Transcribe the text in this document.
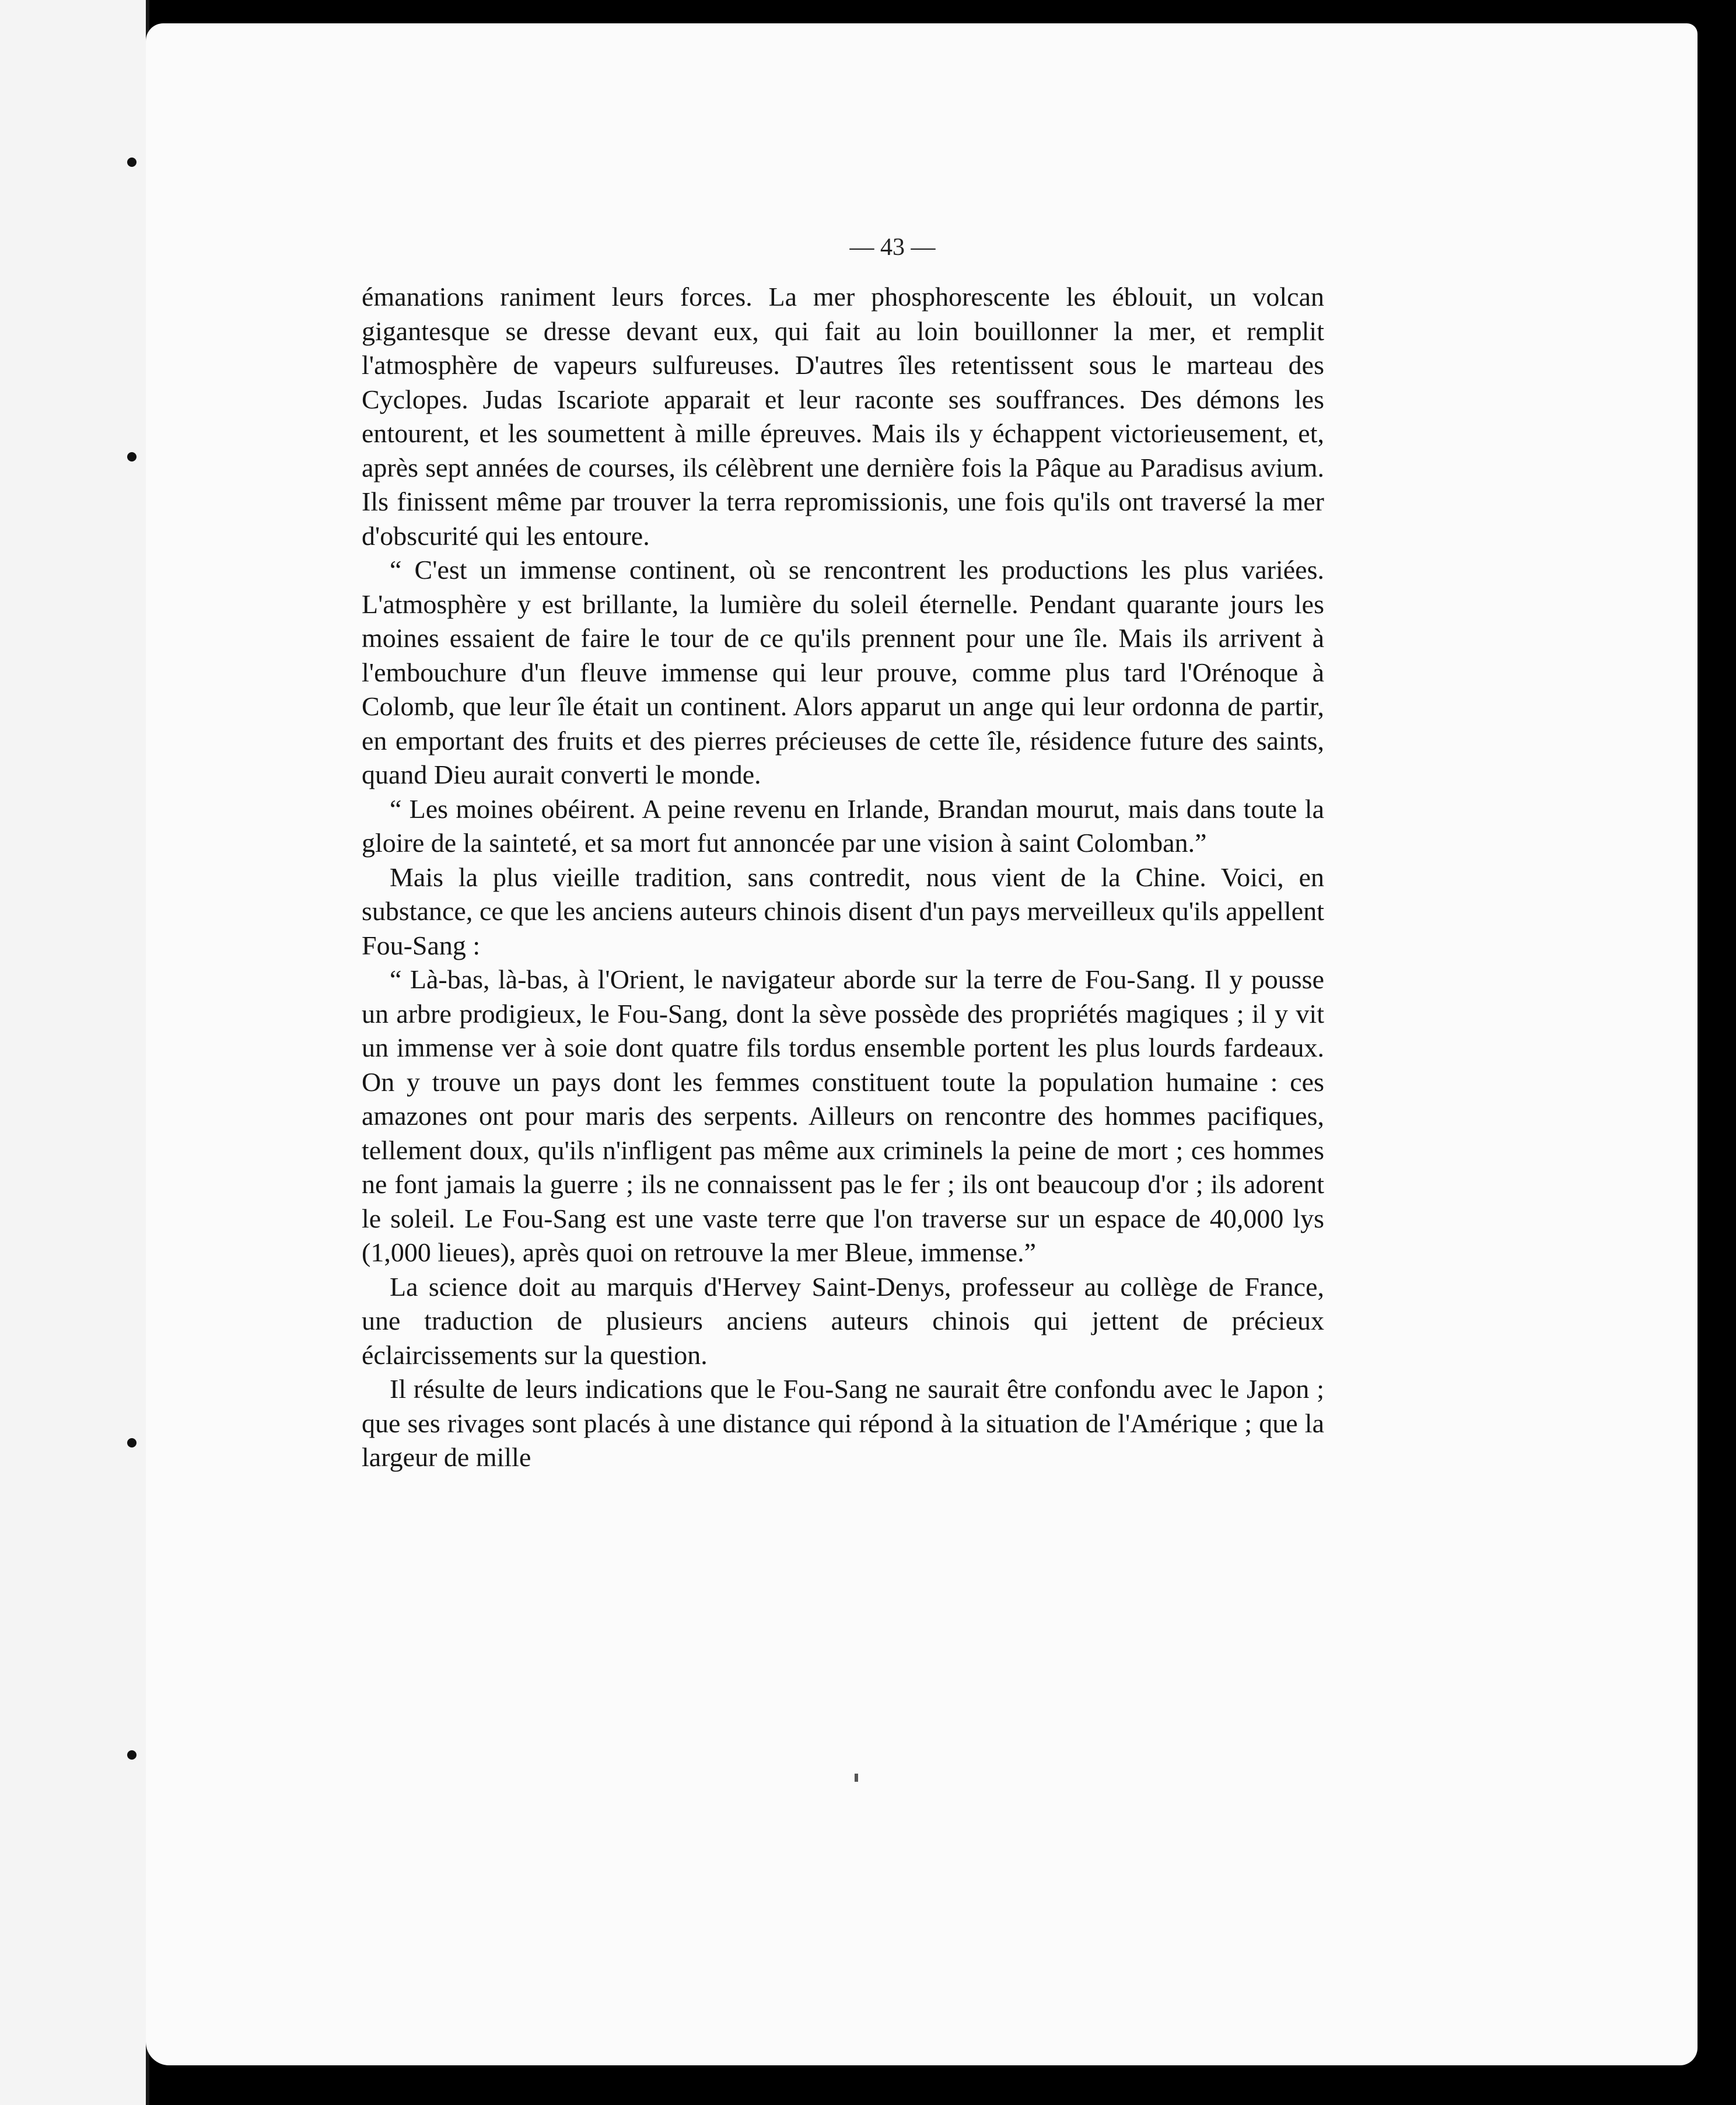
— 43 —

émanations raniment leurs forces. La mer phosphorescente les éblouit, un volcan gigantesque se dresse devant eux, qui fait au loin bouillonner la mer, et remplit l'atmosphère de vapeurs sulfureuses. D'autres îles retentissent sous le marteau des Cyclopes. Judas Iscariote apparait et leur raconte ses souffrances. Des démons les entourent, et les soumettent à mille épreuves. Mais ils y échappent victorieusement, et, après sept années de courses, ils célèbrent une dernière fois la Pâque au Paradisus avium. Ils finissent même par trouver la terra repromissionis, une fois qu'ils ont traversé la mer d'obscurité qui les entoure.

“ C'est un immense continent, où se rencontrent les productions les plus variées. L'atmosphère y est brillante, la lumière du soleil éternelle. Pendant quarante jours les moines essaient de faire le tour de ce qu'ils prennent pour une île. Mais ils arrivent à l'embouchure d'un fleuve immense qui leur prouve, comme plus tard l'Orénoque à Colomb, que leur île était un continent. Alors apparut un ange qui leur ordonna de partir, en emportant des fruits et des pierres précieuses de cette île, résidence future des saints, quand Dieu aurait converti le monde.

“ Les moines obéirent. A peine revenu en Irlande, Brandan mourut, mais dans toute la gloire de la sainteté, et sa mort fut annoncée par une vision à saint Colomban.”

Mais la plus vieille tradition, sans contredit, nous vient de la Chine. Voici, en substance, ce que les anciens auteurs chinois disent d'un pays merveilleux qu'ils appellent Fou-Sang :

“ Là-bas, là-bas, à l'Orient, le navigateur aborde sur la terre de Fou-Sang. Il y pousse un arbre prodigieux, le Fou-Sang, dont la sève possède des propriétés magiques ; il y vit un immense ver à soie dont quatre fils tordus ensemble portent les plus lourds fardeaux. On y trouve un pays dont les femmes constituent toute la population humaine : ces amazones ont pour maris des serpents. Ailleurs on rencontre des hommes pacifiques, tellement doux, qu'ils n'infligent pas même aux criminels la peine de mort ; ces hommes ne font jamais la guerre ; ils ne connaissent pas le fer ; ils ont beaucoup d'or ; ils adorent le soleil. Le Fou-Sang est une vaste terre que l'on traverse sur un espace de 40,000 lys (1,000 lieues), après quoi on retrouve la mer Bleue, immense.”

La science doit au marquis d'Hervey Saint-Denys, professeur au collège de France, une traduction de plusieurs anciens auteurs chinois qui jettent de précieux éclaircissements sur la question.

Il résulte de leurs indications que le Fou-Sang ne saurait être confondu avec le Japon ; que ses rivages sont placés à une distance qui répond à la situation de l'Amérique ; que la largeur de mille
